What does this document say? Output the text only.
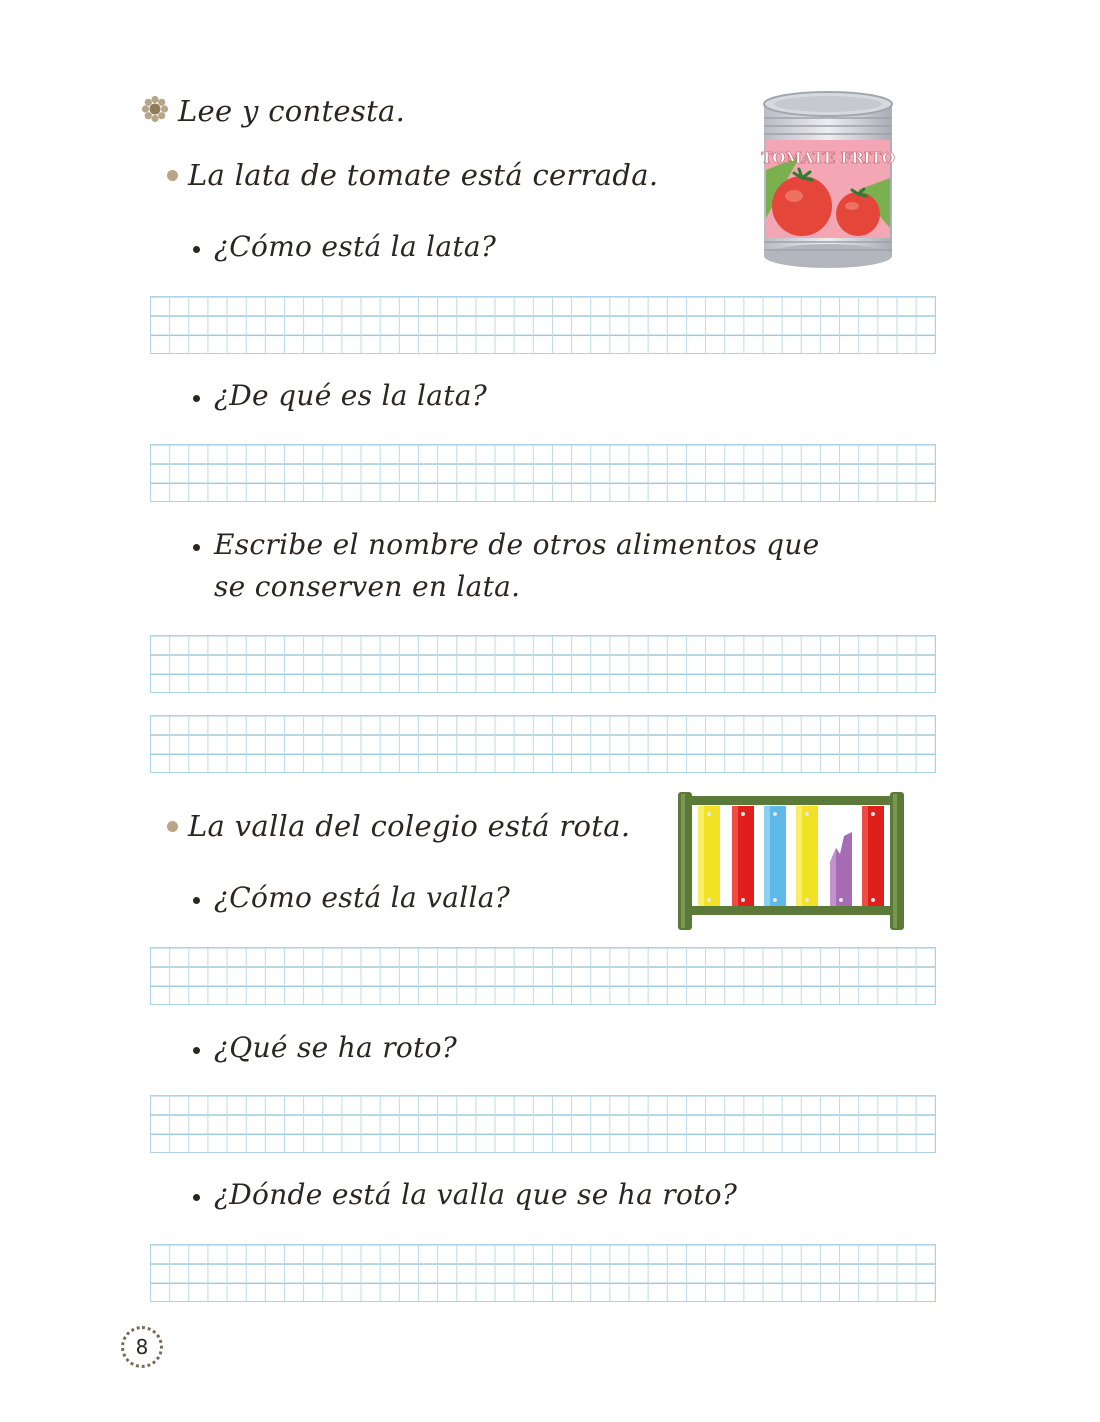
Lee y contesta.
La lata de tomate está cerrada.
¿Cómo está la lata?
¿De qué es la lata?
Escribe el nombre de otros alimentos que se conserven en lata.
TOMATE FRITO
La valla del colegio está rota.
¿Cómo está la valla?
¿Qué se ha roto?
¿Dónde está la valla que se ha roto?
8
